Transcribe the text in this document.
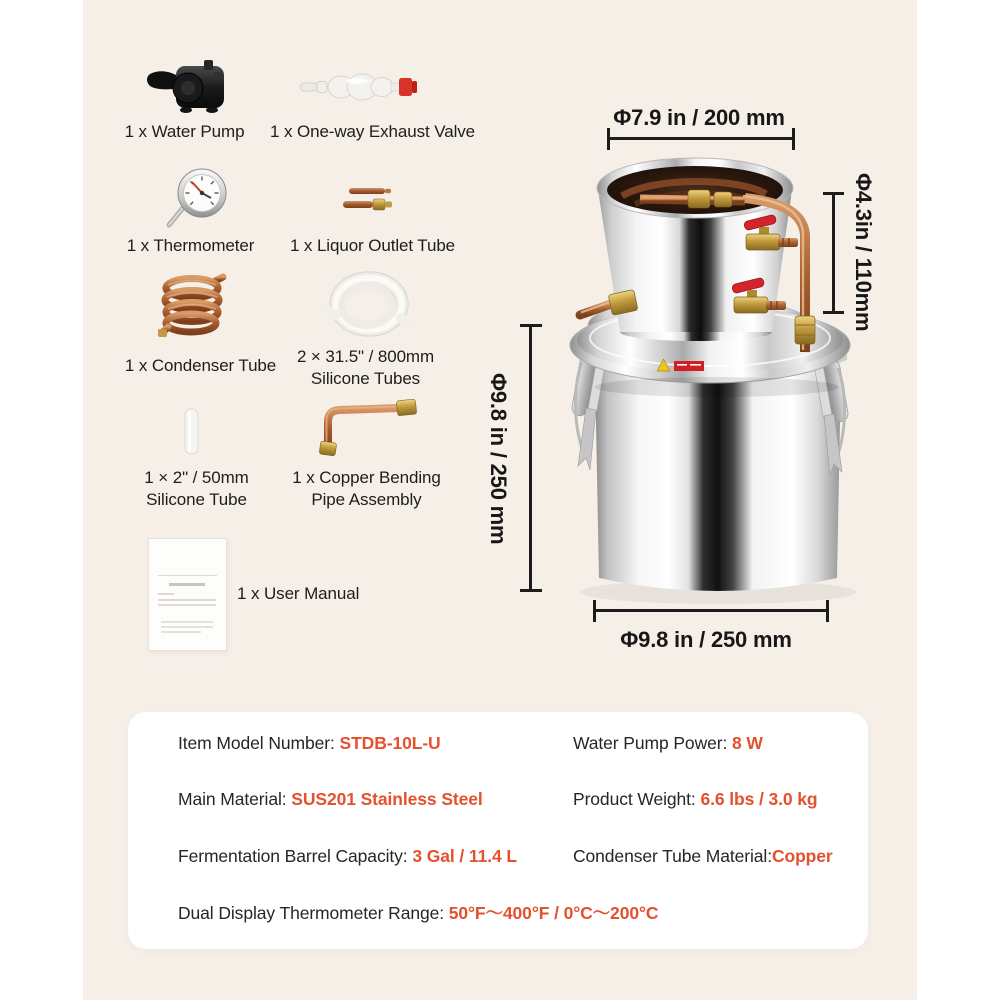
1 x Water Pump	1 x One-way Exhaust Valve
1 x Thermometer	1 x Liquor Outlet Tube
1 x Condenser Tube	2 × 31.5" / 800mm
Silicone Tubes
1 × 2" / 50mm
Silicone Tube
1 x Copper Bending
Pipe Assembly
1 x User Manual
Φ7.9 in / 200 mm
Φ4.3in / 110mm
Φ9.8 in / 250 mm
Φ9.8 in / 250 mm
Item Model Number: STDB-10L-U	Water Pump Power: 8 W
Main Material: SUS201 Stainless Steel	Product Weight: 6.6 lbs / 3.0 kg
Fermentation Barrel Capacity: 3 Gal / 11.4 L	Condenser Tube Material:Copper
Dual Display Thermometer Range: 50°F～400°F / 0°C～200°C
